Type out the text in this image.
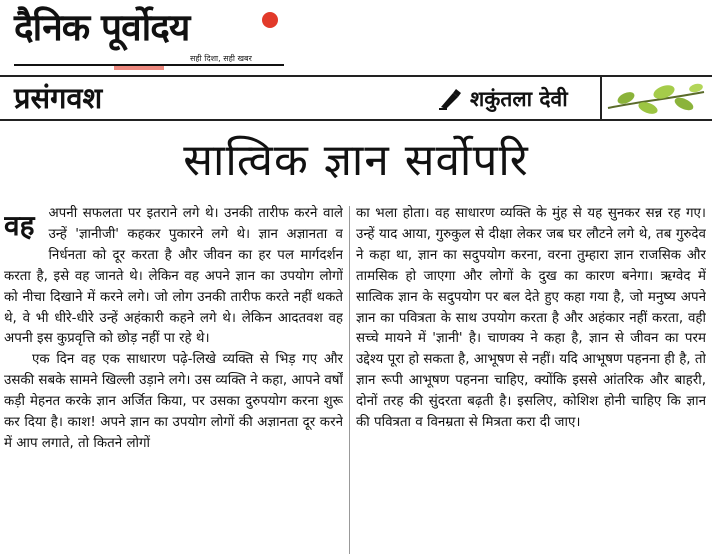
दैनिक पूर्वोदय
सही दिशा, सही खबर
प्रसंगवश	शकुंतला देवी
सात्विक ज्ञान सर्वोपरि
वह	अपनी सफलता पर इतराने लगे थे। उनकी तारीफ करने वाले उन्हें 'ज्ञानीजी' कहकर पुकारने लगे थे। ज्ञान अज्ञानता व निर्धनता को दूर करता है और जीवन का हर पल मार्गदर्शन करता है, इसे वह जानते थे। लेकिन वह अपने ज्ञान का उपयोग लोगों को नीचा दिखाने में करने लगे। जो लोग उनकी तारीफ करते नहीं थकते थे, वे भी धीरे-धीरे उन्हें अहंकारी कहने लगे थे। लेकिन आदतवश वह अपनी इस कुप्रवृत्ति को छोड़ नहीं पा रहे थे।

एक दिन वह एक साधारण पढ़े-लिखे व्यक्ति से भिड़ गए और उसकी सबके सामने खिल्ली उड़ाने लगे। उस व्यक्ति ने कहा, आपने वर्षों कड़ी मेहनत करके ज्ञान अर्जित किया, पर उसका दुरुपयोग करना शुरू कर दिया है। काश! अपने ज्ञान का उपयोग लोगों की अज्ञानता दूर करने में आप लगाते, तो कितने लोगों

का भला होता। वह साधारण व्यक्ति के मुंह से यह सुनकर सन्न रह गए। उन्हें याद आया, गुरुकुल से दीक्षा लेकर जब घर लौटने लगे थे, तब गुरुदेव ने कहा था, ज्ञान का सदुपयोग करना, वरना तुम्हारा ज्ञान राजसिक और तामसिक हो जाएगा और लोगों के दुख का कारण बनेगा। ऋग्वेद में सात्विक ज्ञान के सदुपयोग पर बल देते हुए कहा गया है, जो मनुष्य अपने ज्ञान का पवित्रता के साथ उपयोग करता है और अहंकार नहीं करता, वही सच्चे मायने में 'ज्ञानी' है। चाणक्य ने कहा है, ज्ञान से जीवन का परम उद्देश्य पूरा हो सकता है, आभूषण से नहीं। यदि आभूषण पहनना ही है, तो ज्ञान रूपी आभूषण पहनना चाहिए, क्योंकि इससे आंतरिक और बाहरी, दोनों तरह की सुंदरता बढ़ती है। इसलिए, कोशिश होनी चाहिए कि ज्ञान की पवित्रता व विनम्रता से मित्रता करा दी जाए।
